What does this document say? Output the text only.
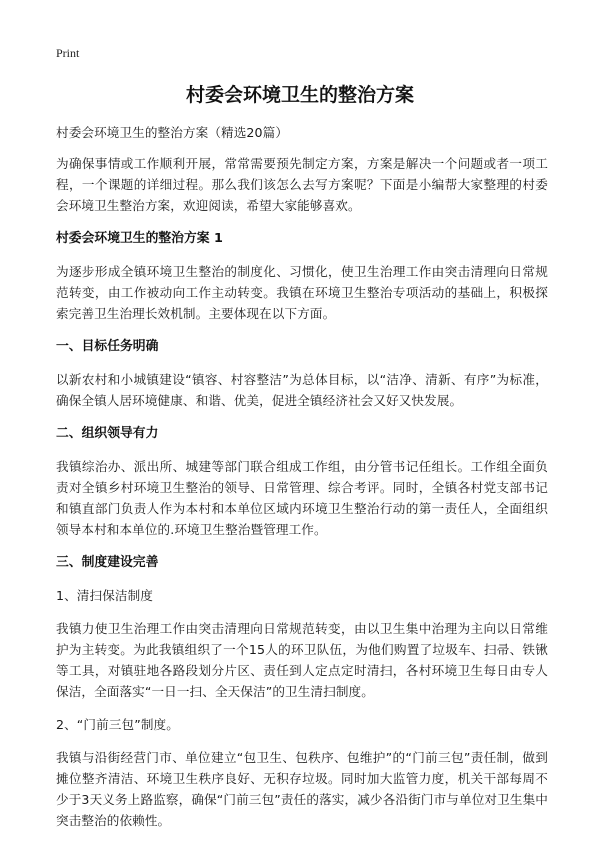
Print
村委会环境卫生的整治方案

村委会环境卫生的整治方案（精选20篇）

为确保事情或工作顺利开展，常常需要预先制定方案，方案是解决一个问题或者一项工程，一个课题的详细过程。那么我们该怎么去写方案呢？下面是小编帮大家整理的村委会环境卫生整治方案，欢迎阅读，希望大家能够喜欢。

村委会环境卫生的整治方案 1

为逐步形成全镇环境卫生整治的制度化、习惯化，使卫生治理工作由突击清理向日常规范转变，由工作被动向工作主动转变。我镇在环境卫生整治专项活动的基础上，积极探索完善卫生治理长效机制。主要体现在以下方面。

一、目标任务明确

以新农村和小城镇建设“镇容、村容整洁”为总体目标，以“洁净、清新、有序”为标准，确保全镇人居环境健康、和谐、优美，促进全镇经济社会又好又快发展。

二、组织领导有力

我镇综治办、派出所、城建等部门联合组成工作组，由分管书记任组长。工作组全面负责对全镇乡村环境卫生整治的领导、日常管理、综合考评。同时，全镇各村党支部书记和镇直部门负责人作为本村和本单位区域内环境卫生整治行动的第一责任人，全面组织领导本村和本单位的.环境卫生整治暨管理工作。

三、制度建设完善

1、清扫保洁制度

我镇力使卫生治理工作由突击清理向日常规范转变，由以卫生集中治理为主向以日常维护为主转变。为此我镇组织了一个15人的环卫队伍，为他们购置了垃圾车、扫帚、铁锹等工具，对镇驻地各路段划分片区、责任到人定点定时清扫，各村环境卫生每日由专人保洁，全面落实“一日一扫、全天保洁”的卫生清扫制度。

2、“门前三包”制度。

我镇与沿街经营门市、单位建立“包卫生、包秩序、包维护”的“门前三包”责任制，做到摊位整齐清洁、环境卫生秩序良好、无积存垃圾。同时加大监管力度，机关干部每周不少于3天义务上路监察，确保“门前三包”责任的落实，减少各沿街门市与单位对卫生集中突击整治的依赖性。
